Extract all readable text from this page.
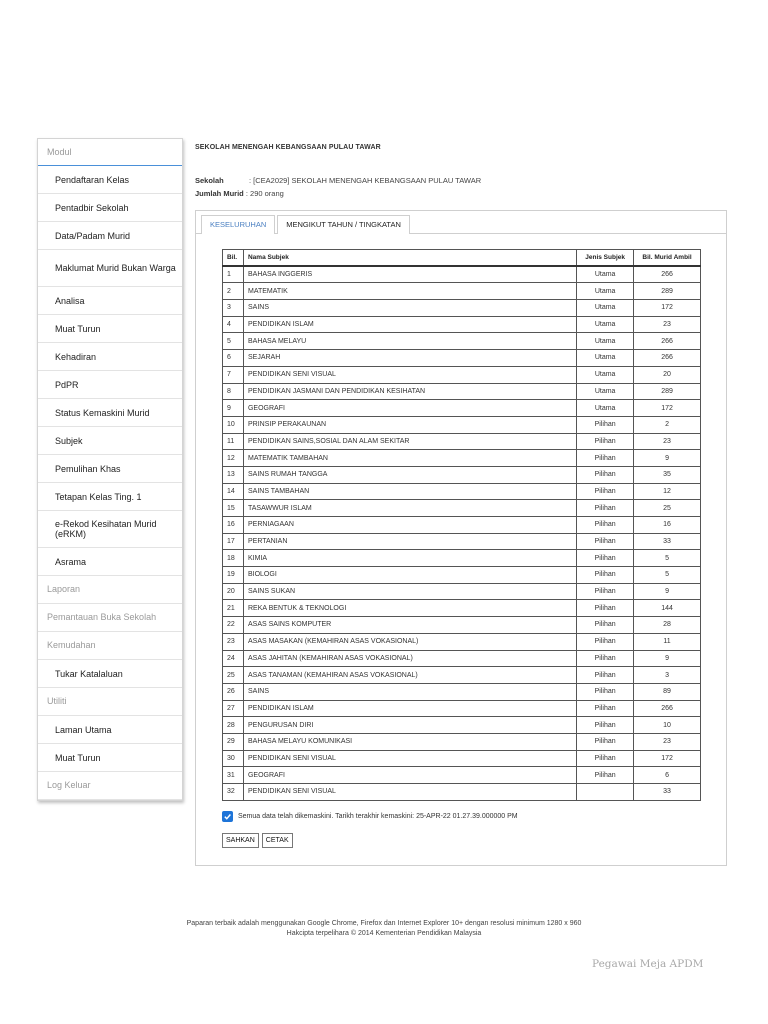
Modul
Pendaftaran Kelas
Pentadbir Sekolah
Data/Padam Murid
Maklumat Murid Bukan Warga
Analisa
Muat Turun
Kehadiran
PdPR
Status Kemaskini Murid
Subjek
Pemulihan Khas
Tetapan Kelas Ting. 1
e-Rekod Kesihatan Murid (eRKM)
Asrama
Laporan
Pemantauan Buka Sekolah
Kemudahan
Tukar Katalaluan
Utiliti
Laman Utama
Muat Turun
Log Keluar
SEKOLAH MENENGAH KEBANGSAAN PULAU TAWAR
Sekolah	: [CEA2029] SEKOLAH MENENGAH KEBANGSAAN PULAU TAWAR
Jumlah Murid : 290 orang
KESELURUHAN	MENGIKUT TAHUN / TINGKATAN
Bil.	Nama Subjek	Jenis Subjek	Bil. Murid Ambil
1	BAHASA INGGERIS	Utama	266
2	MATEMATIK	Utama	289
3	SAINS	Utama	172
4	PENDIDIKAN ISLAM	Utama	23
5	BAHASA MELAYU	Utama	266
6	SEJARAH	Utama	266
7	PENDIDIKAN SENI VISUAL	Utama	20
8	PENDIDIKAN JASMANI DAN PENDIDIKAN KESIHATAN	Utama	289
9	GEOGRAFI	Utama	172
10	PRINSIP PERAKAUNAN	Pilihan	2
11	PENDIDIKAN SAINS,SOSIAL DAN ALAM SEKITAR	Pilihan	23
12	MATEMATIK TAMBAHAN	Pilihan	9
13	SAINS RUMAH TANGGA	Pilihan	35
14	SAINS TAMBAHAN	Pilihan	12
15	TASAWWUR ISLAM	Pilihan	25
16	PERNIAGAAN	Pilihan	16
17	PERTANIAN	Pilihan	33
18	KIMIA	Pilihan	5
19	BIOLOGI	Pilihan	5
20	SAINS SUKAN	Pilihan	9
21	REKA BENTUK & TEKNOLOGI	Pilihan	144
22	ASAS SAINS KOMPUTER	Pilihan	28
23	ASAS MASAKAN (KEMAHIRAN ASAS VOKASIONAL)	Pilihan	11
24	ASAS JAHITAN (KEMAHIRAN ASAS VOKASIONAL)	Pilihan	9
25	ASAS TANAMAN (KEMAHIRAN ASAS VOKASIONAL)	Pilihan	3
26	SAINS	Pilihan	89
27	PENDIDIKAN ISLAM	Pilihan	266
28	PENGURUSAN DIRI	Pilihan	10
29	BAHASA MELAYU KOMUNIKASI	Pilihan	23
30	PENDIDIKAN SENI VISUAL	Pilihan	172
31	GEOGRAFI	Pilihan	6
32	PENDIDIKAN SENI VISUAL		33
Semua data telah dikemaskini. Tarikh terakhir kemaskini: 25-APR-22 01.27.39.000000 PM
SAHKAN	CETAK
Paparan terbaik adalah menggunakan Google Chrome, Firefox dan Internet Explorer 10+ dengan resolusi minimum 1280 x 960
Hakcipta terpelihara © 2014 Kementerian Pendidikan Malaysia
Pegawai Meja APDM
